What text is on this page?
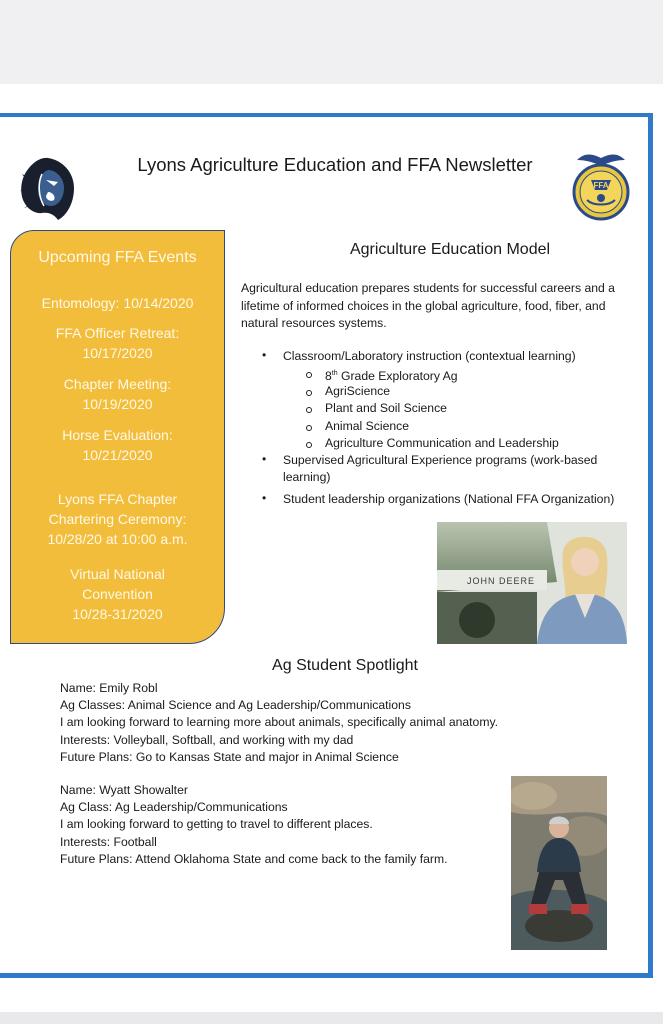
Lyons Agriculture Education and FFA Newsletter
FFA
Upcoming FFA Events
Entomology: 10/14/2020
FFA Officer Retreat:
10/17/2020
Chapter Meeting:
10/19/2020
Horse Evaluation:
10/21/2020
Lyons FFA Chapter
Chartering Ceremony:
10/28/20 at 10:00 a.m.
Virtual National
Convention
10/28-31/2020
Agriculture Education Model
Agricultural education prepares students for successful careers and a lifetime of informed choices in the global agriculture, food, fiber, and natural resources systems.
• Classroom/Laboratory instruction (contextual learning)
8th Grade Exploratory Ag
AgriScience
Plant and Soil Science
Animal Science
Agriculture Communication and Leadership
• Supervised Agricultural Experience programs (work-based
learning)
• Student leadership organizations (National FFA Organization)
JOHN DEERE
Ag Student Spotlight
Name: Emily Robl
Ag Classes: Animal Science and Ag Leadership/Communications
I am looking forward to learning more about animals, specifically animal anatomy.
Interests: Volleyball, Softball, and working with my dad
Future Plans: Go to Kansas State and major in Animal Science
Name: Wyatt Showalter
Ag Class: Ag Leadership/Communications
I am looking forward to getting to travel to different places.
Interests: Football
Future Plans: Attend Oklahoma State and come back to the family farm.
